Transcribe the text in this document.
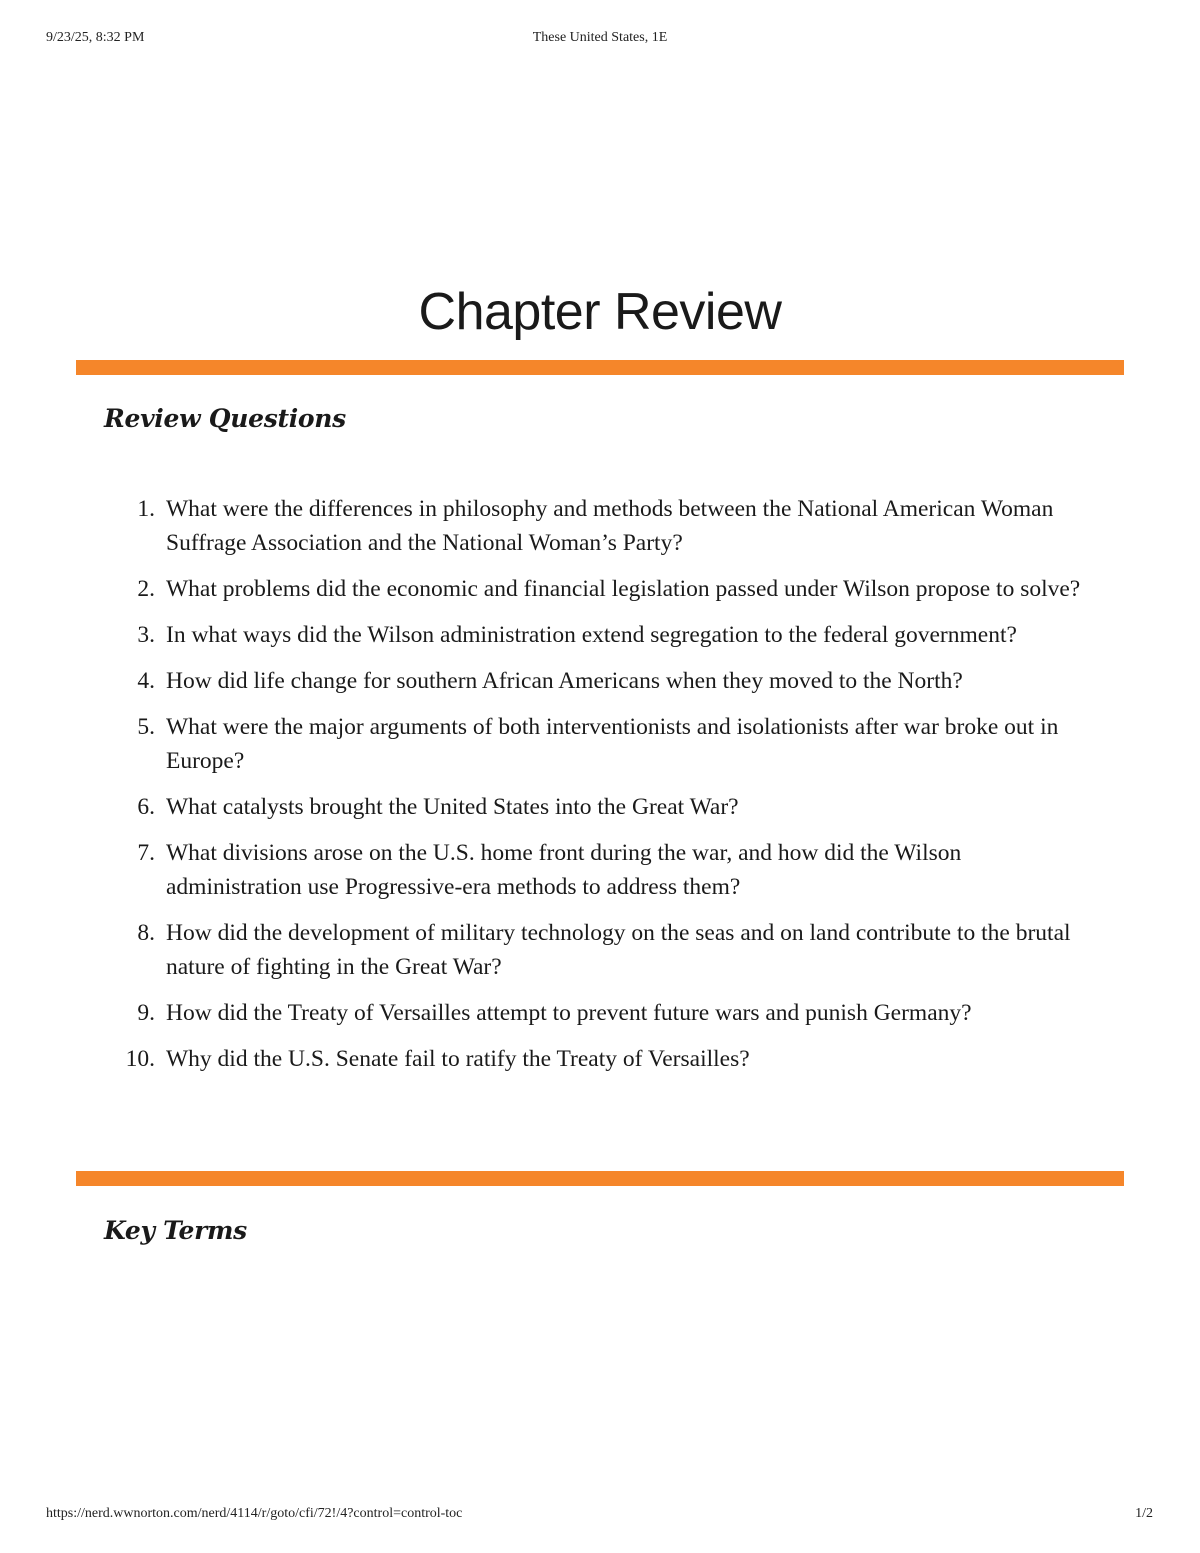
9/23/25, 8:32 PM	These United States, 1E
Chapter Review
Review Questions
1. What were the differences in philosophy and methods between the National American Woman Suffrage Association and the National Woman’s Party?
2. What problems did the economic and financial legislation passed under Wilson propose to solve?
3. In what ways did the Wilson administration extend segregation to the federal government?
4. How did life change for southern African Americans when they moved to the North?
5. What were the major arguments of both interventionists and isolationists after war broke out in Europe?
6. What catalysts brought the United States into the Great War?
7. What divisions arose on the U.S. home front during the war, and how did the Wilson administration use Progressive-era methods to address them?
8. How did the development of military technology on the seas and on land contribute to the brutal nature of fighting in the Great War?
9. How did the Treaty of Versailles attempt to prevent future wars and punish Germany?
10. Why did the U.S. Senate fail to ratify the Treaty of Versailles?
Key Terms
https://nerd.wwnorton.com/nerd/4114/r/goto/cfi/72!/4?control=control-toc	1/2
